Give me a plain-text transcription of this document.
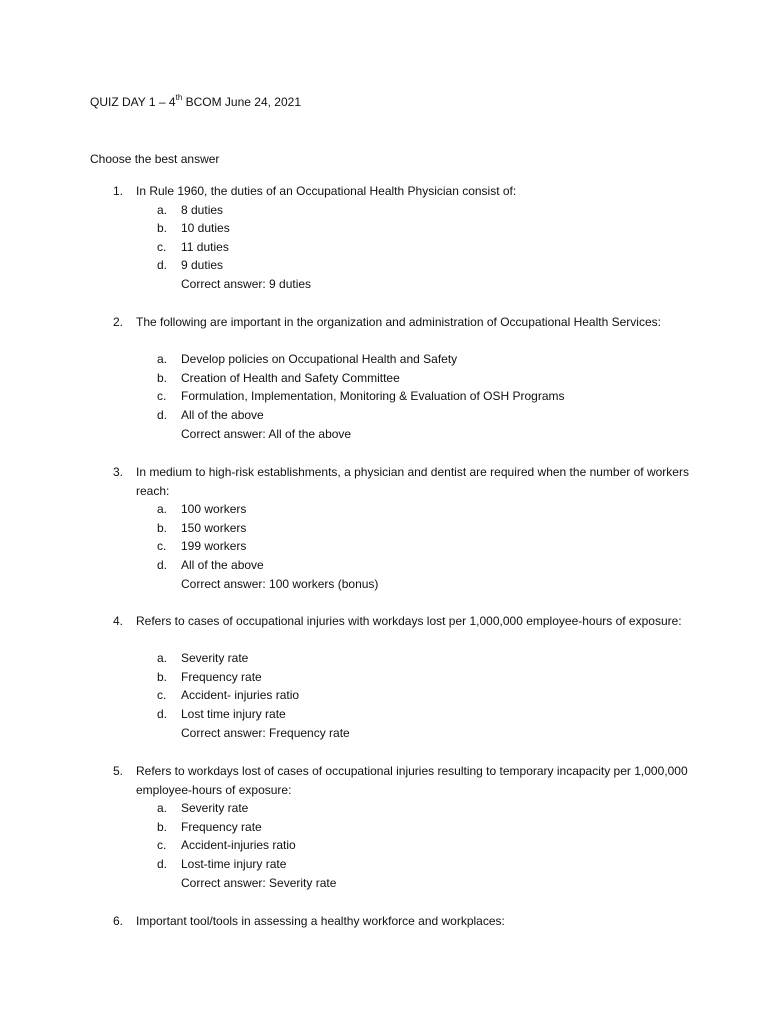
QUIZ DAY 1 – 4th BCOM June 24, 2021
Choose the best answer
1.	In Rule 1960, the duties of an Occupational Health Physician consist of:
a. 8 duties
b. 10 duties
c. 11 duties
d. 9 duties
Correct answer: 9 duties
2.	The following are important in the organization and administration of Occupational Health Services:
a. Develop policies on Occupational Health and Safety
b. Creation of Health and Safety Committee
c. Formulation, Implementation, Monitoring & Evaluation of OSH Programs
d. All of the above
Correct answer: All of the above
3.	In medium to high-risk establishments, a physician and dentist are required when the number of workers reach:
a. 100 workers
b. 150 workers
c. 199 workers
d. All of the above
Correct answer: 100 workers (bonus)
4.	Refers to cases of occupational injuries with workdays lost per 1,000,000 employee-hours of exposure:
a. Severity rate
b. Frequency rate
c. Accident- injuries ratio
d. Lost time injury rate
Correct answer: Frequency rate
5.	Refers to workdays lost of cases of occupational injuries resulting to temporary incapacity per 1,000,000 employee-hours of exposure:
a. Severity rate
b. Frequency rate
c. Accident-injuries ratio
d. Lost-time injury rate
Correct answer: Severity rate
6.	Important tool/tools in assessing a healthy workforce and workplaces:
